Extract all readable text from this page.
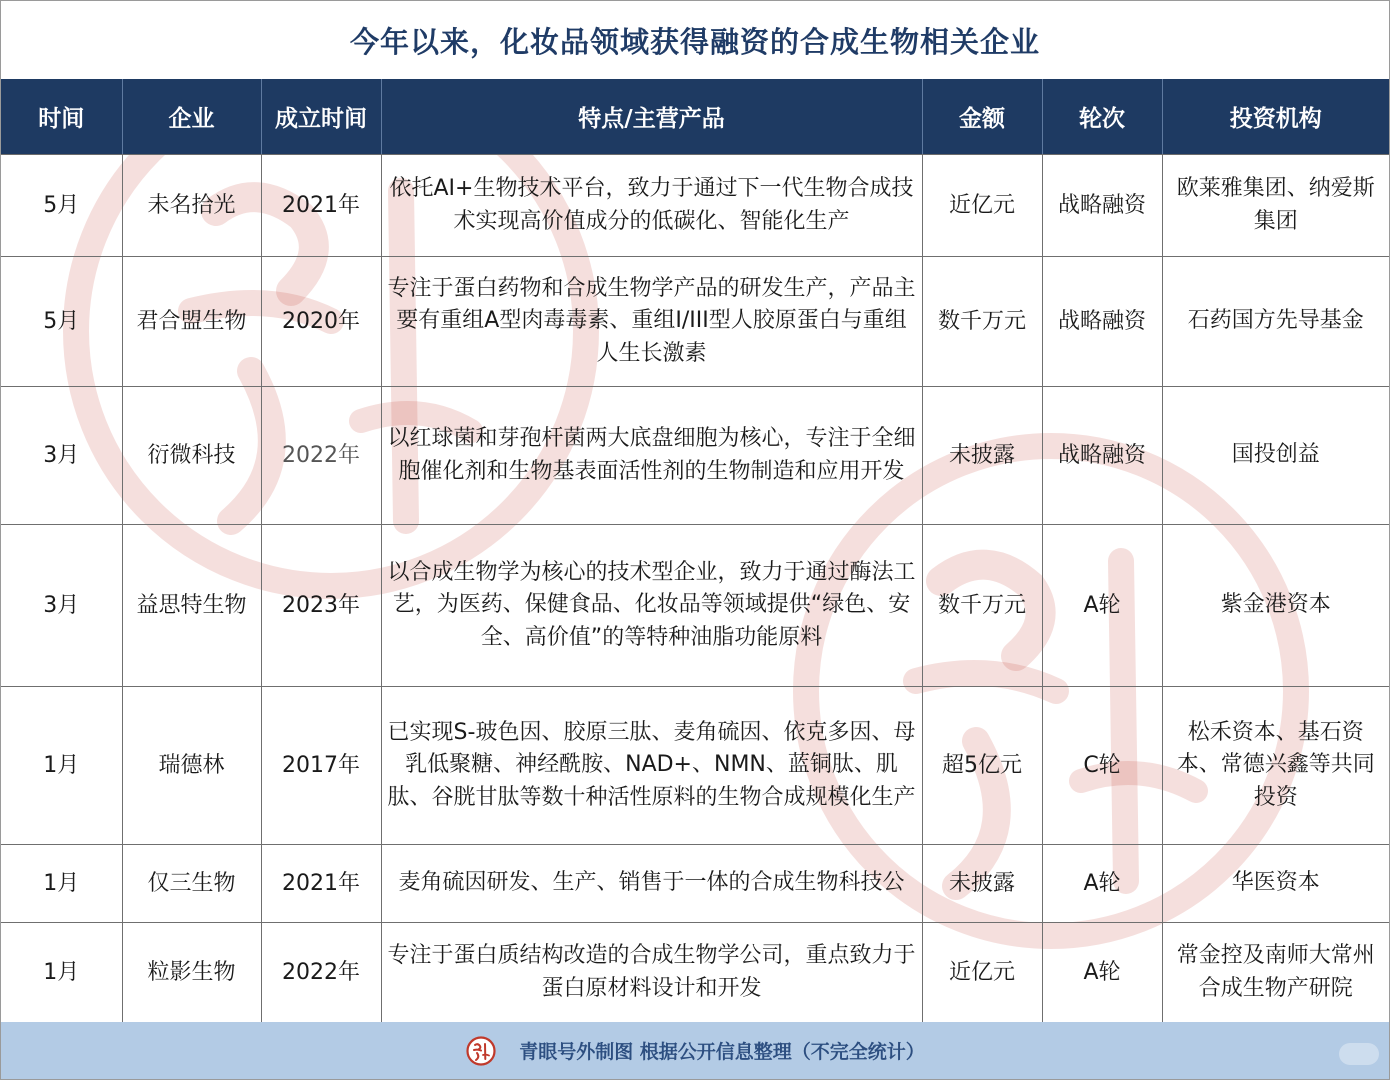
今年以来，化妆品领域获得融资的合成生物相关企业
时间	企业	成立时间	特点/主营产品	金额	轮次	投资机构
5月	未名拾光	2021年	依托AI+生物技术平台，致力于通过下一代生物合成技术实现高价值成分的低碳化、智能化生产	近亿元	战略融资	欧莱雅集团、纳爱斯集团
5月	君合盟生物	2020年	专注于蛋白药物和合成生物学产品的研发生产，产品主要有重组A型肉毒毒素、重组I/III型人胶原蛋白与重组人生长激素	数千万元	战略融资	石药国方先导基金
3月	衍微科技	2022年	以红球菌和芽孢杆菌两大底盘细胞为核心，专注于全细胞催化剂和生物基表面活性剂的生物制造和应用开发	未披露	战略融资	国投创益
3月	益思特生物	2023年	以合成生物学为核心的技术型企业，致力于通过酶法工艺，为医药、保健食品、化妆品等领域提供“绿色、安全、高价值”的等特种油脂功能原料	数千万元	A轮	紫金港资本
1月	瑞德林	2017年	已实现S-玻色因、胶原三肽、麦角硫因、依克多因、母乳低聚糖、神经酰胺、NAD+、NMN、蓝铜肽、肌肽、谷胱甘肽等数十种活性原料的生物合成规模化生产	超5亿元	C轮	松禾资本、基石资本、常德兴鑫等共同投资
1月	仅三生物	2021年	麦角硫因研发、生产、销售于一体的合成生物科技公	未披露	A轮	华医资本
1月	粒影生物	2022年	专注于蛋白质结构改造的合成生物学公司，重点致力于蛋白原材料设计和开发	近亿元	A轮	常金控及南师大常州合成生物产研院
青眼号外制图 根据公开信息整理（不完全统计）
